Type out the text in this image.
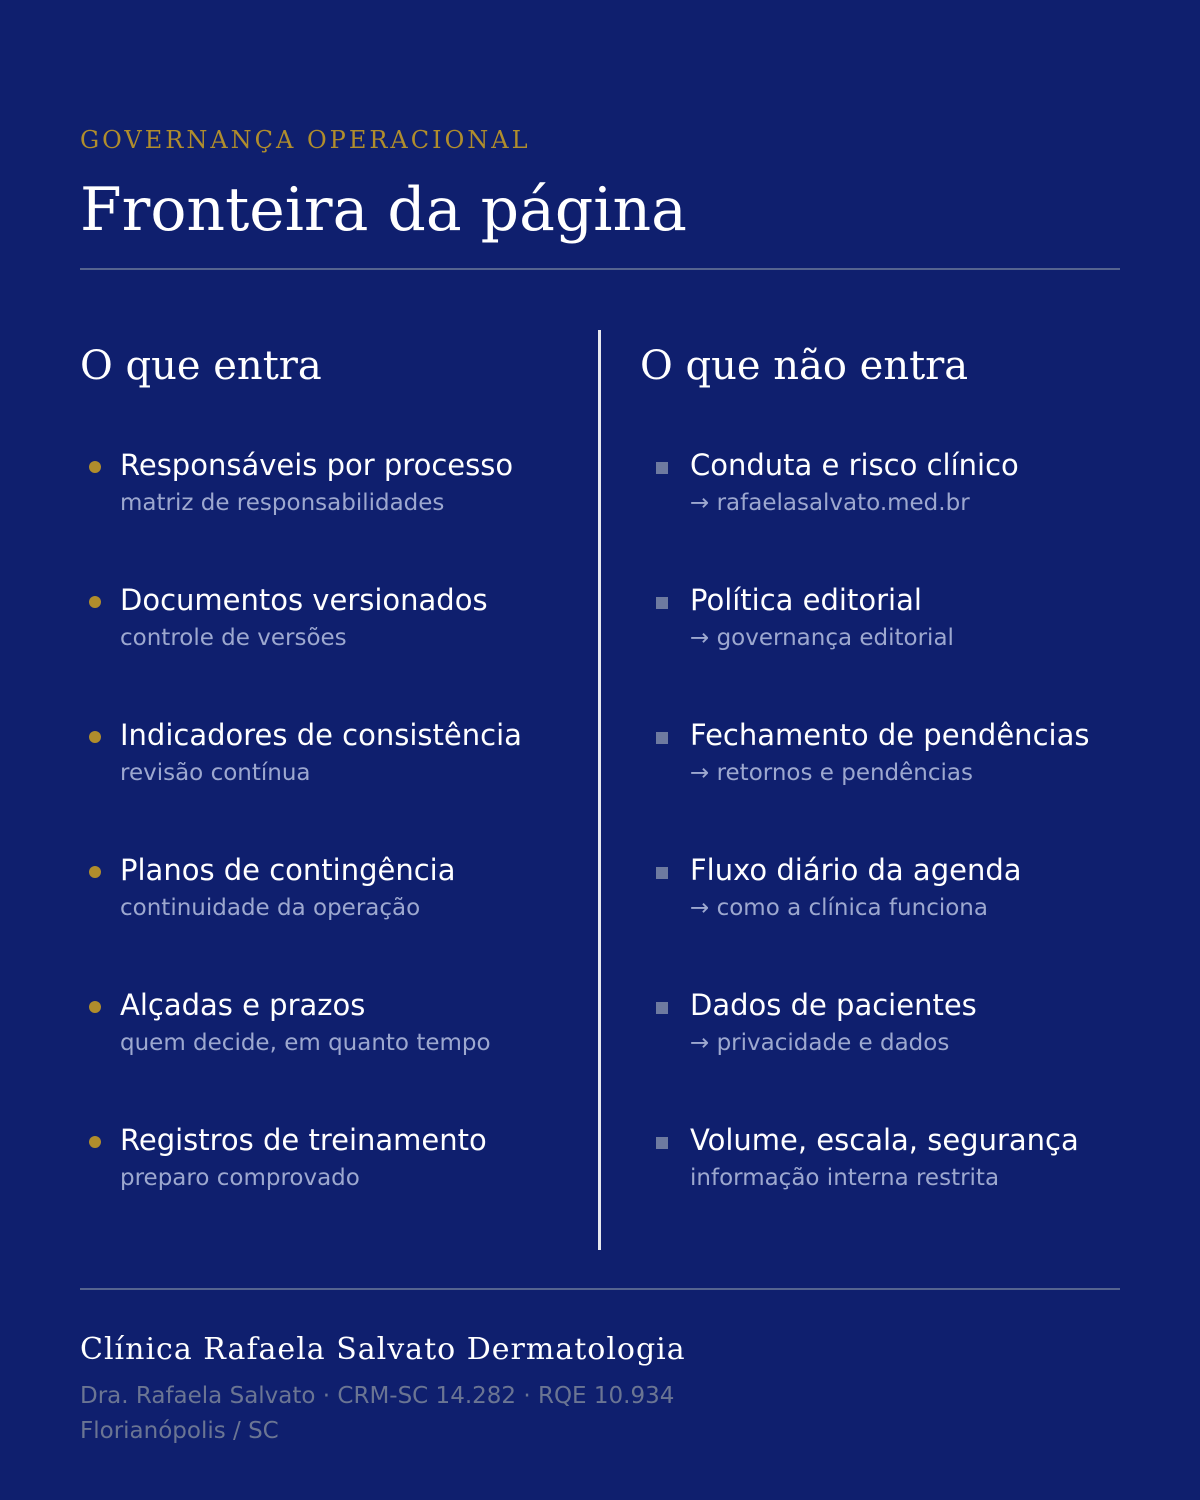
GOVERNANÇA OPERACIONAL
Fronteira da página
O que entra
Responsáveis por processo
matriz de responsabilidades
Documentos versionados
controle de versões
Indicadores de consistência
revisão contínua
Planos de contingência
continuidade da operação
Alçadas e prazos
quem decide, em quanto tempo
Registros de treinamento
preparo comprovado
O que não entra
Conduta e risco clínico
→ rafaelasalvato.med.br
Política editorial
→ governança editorial
Fechamento de pendências
→ retornos e pendências
Fluxo diário da agenda
→ como a clínica funciona
Dados de pacientes
→ privacidade e dados
Volume, escala, segurança
informação interna restrita
Clínica Rafaela Salvato Dermatologia
Dra. Rafaela Salvato · CRM-SC 14.282 · RQE 10.934
Florianópolis / SC
